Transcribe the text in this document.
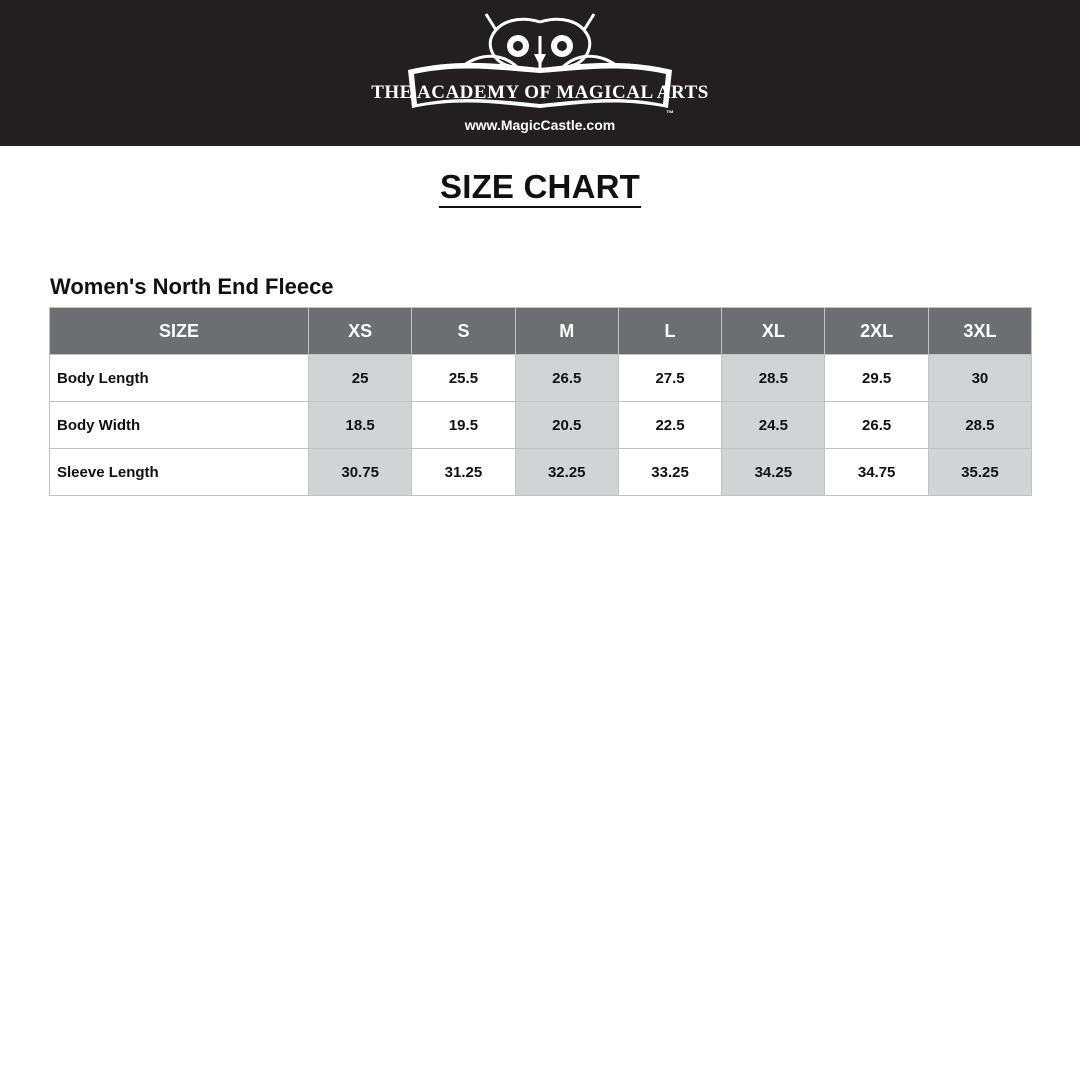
THE ACADEMY OF MAGICAL ARTS
www.MagicCastle.com
™
SIZE CHART
Women's North End Fleece
SIZE	XS	S	M	L	XL	2XL	3XL
Body Length	25	25.5	26.5	27.5	28.5	29.5	30
Body Width	18.5	19.5	20.5	22.5	24.5	26.5	28.5
Sleeve Length	30.75	31.25	32.25	33.25	34.25	34.75	35.25
